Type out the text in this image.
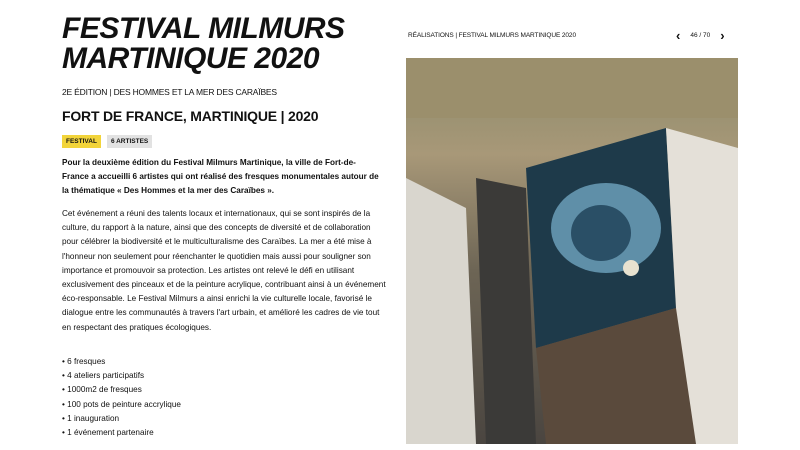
FESTIVAL MILMURS MARTINIQUE 2020
2E ÉDITION | DES HOMMES ET LA MER DES CARAÏBES
FORT DE FRANCE, MARTINIQUE | 2020
FESTIVAL	6 ARTISTES

Pour la deuxième édition du Festival Milmurs Martinique, la ville de Fort-de-France a accueilli 6 artistes qui ont réalisé des fresques monumentales autour de la thématique « Des Hommes et la mer des Caraïbes ».

Cet événement a réuni des talents locaux et internationaux, qui se sont inspirés de la culture, du rapport à la nature, ainsi que des concepts de diversité et de collaboration pour célébrer la biodiversité et le multiculturalisme des Caraïbes. La mer a été mise à l'honneur non seulement pour réenchanter le quotidien mais aussi pour souligner son importance et promouvoir sa protection. Les artistes ont relevé le défi en utilisant exclusivement des pinceaux et de la peinture acrylique, contribuant ainsi à un événement éco-responsable. Le Festival Milmurs a ainsi enrichi la vie culturelle locale, favorisé le dialogue entre les communautés à travers l'art urbain, et amélioré les cadres de vie tout en respectant des pratiques écologiques.

• 6 fresques
• 4 ateliers participatifs
• 1000m2 de fresques
• 100 pots de peinture accrylique
• 1 inauguration
• 1 événement partenaire
RÉALISATIONS | FESTIVAL MILMURS MARTINIQUE 2020	‹ 46 / 70 ›
